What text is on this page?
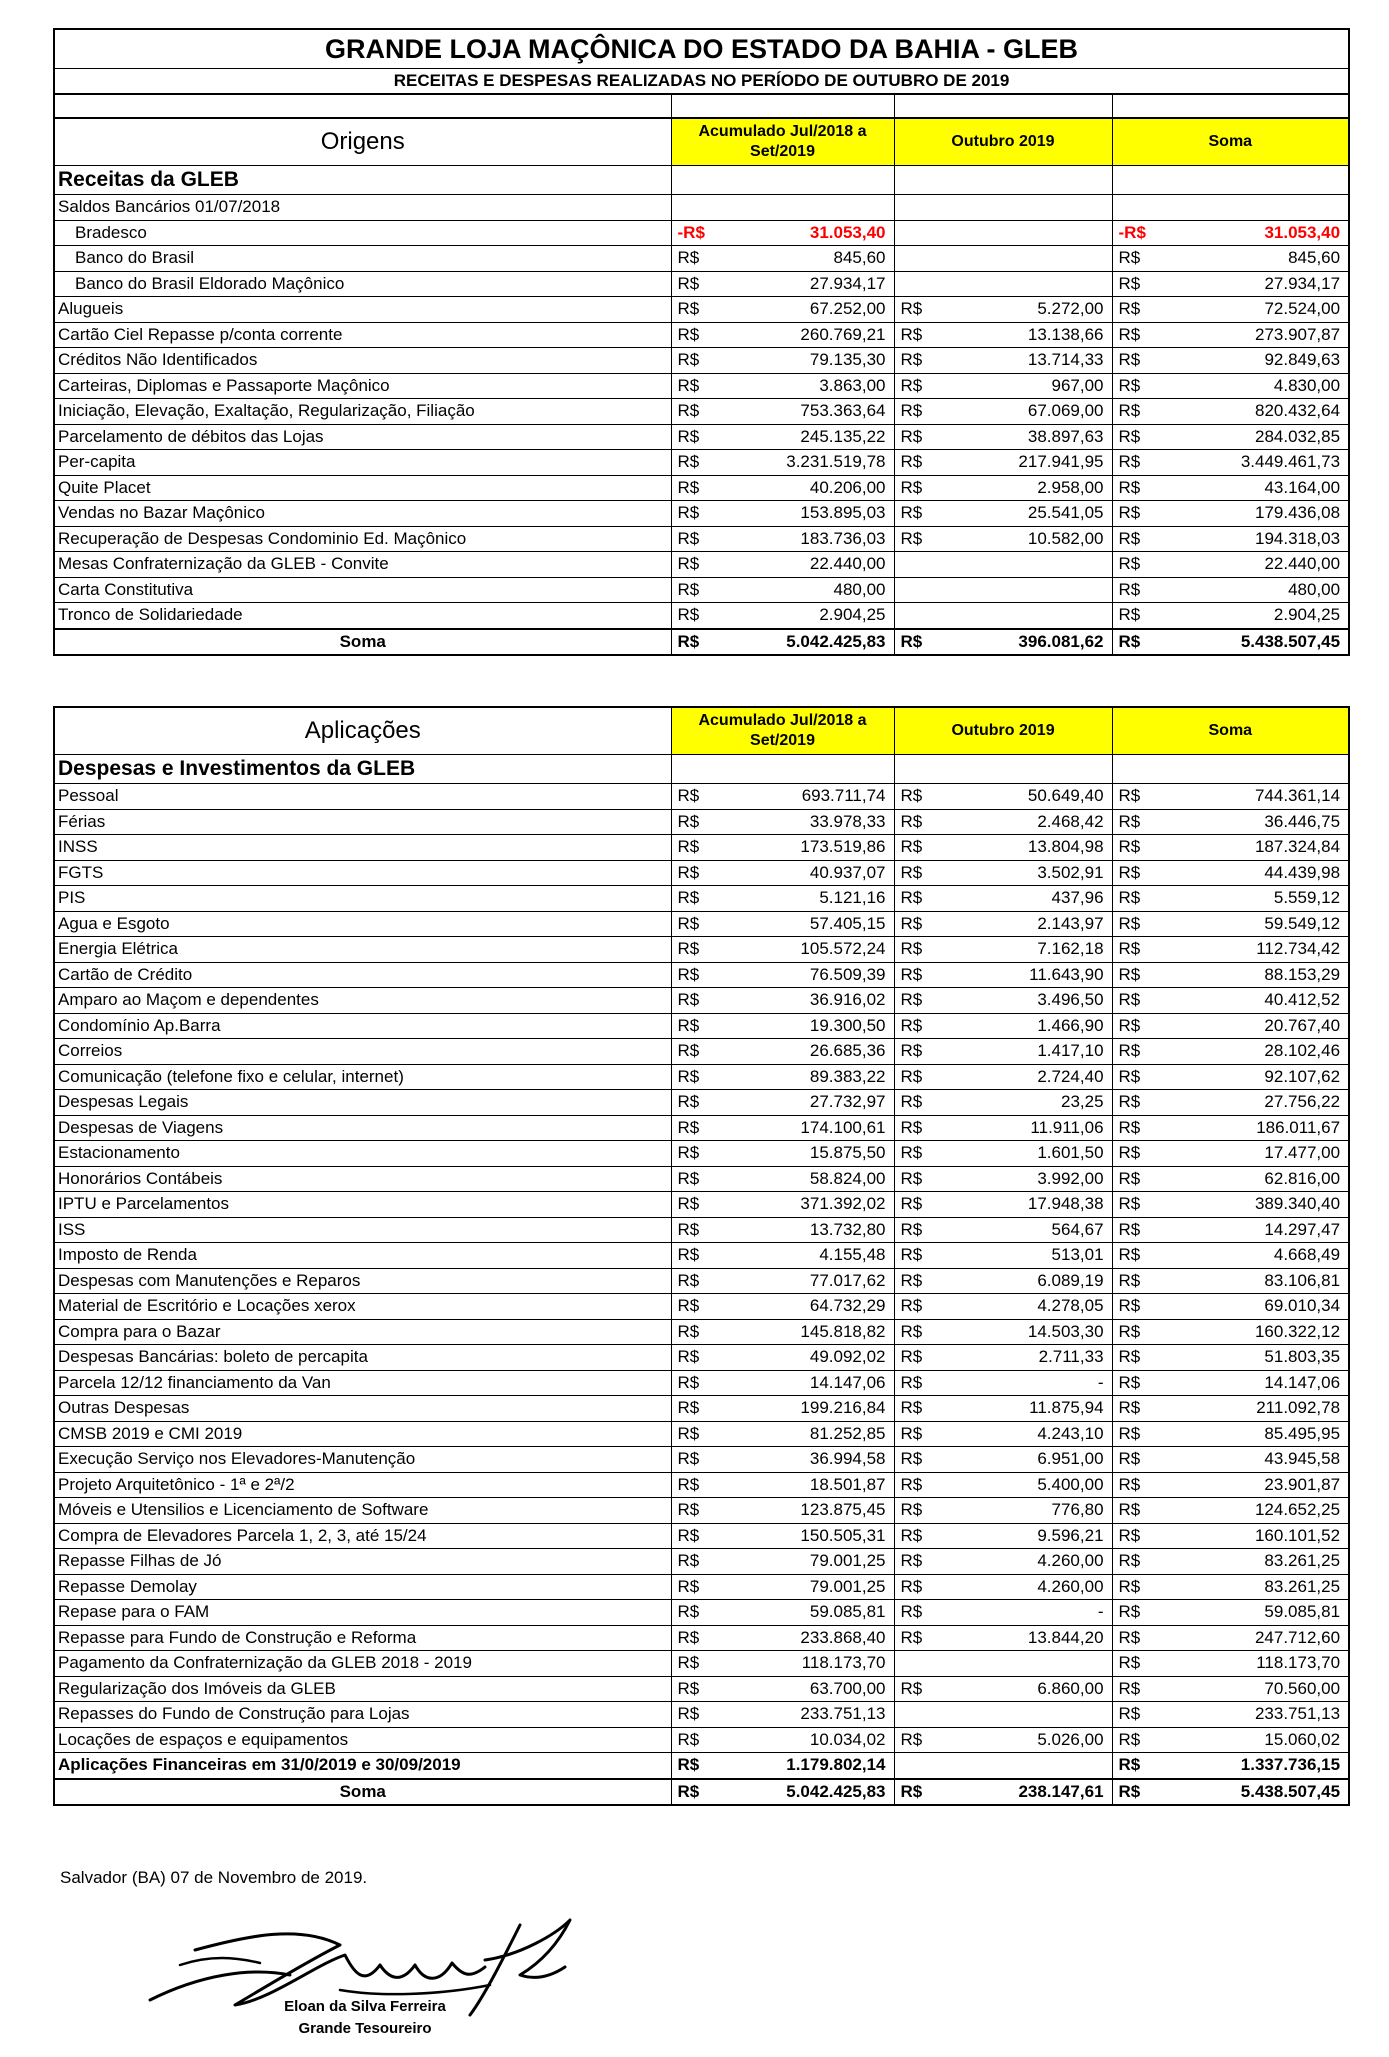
GRANDE LOJA MAÇÔNICA DO ESTADO DA BAHIA - GLEB						
RECEITAS E DESPESAS REALIZADAS NO PERÍODO DE OUTUBRO DE 2019						

Origens	Acumulado Jul/2018 a Set/2019		Outubro 2019		Soma	
Receitas da GLEB						
Saldos Bancários 01/07/2018						
Bradesco	-R$	31.053,40			-R$	31.053,40
Banco do Brasil	R$	845,60			R$	845,60
Banco do Brasil Eldorado Maçônico	R$	27.934,17			R$	27.934,17
Alugueis	R$	67.252,00	R$	5.272,00	R$	72.524,00
Cartão Ciel Repasse p/conta corrente	R$	260.769,21	R$	13.138,66	R$	273.907,87
Créditos Não Identificados	R$	79.135,30	R$	13.714,33	R$	92.849,63
Carteiras, Diplomas e Passaporte Maçônico	R$	3.863,00	R$	967,00	R$	4.830,00
Iniciação, Elevação, Exaltação, Regularização, Filiação	R$	753.363,64	R$	67.069,00	R$	820.432,64
Parcelamento de débitos das Lojas	R$	245.135,22	R$	38.897,63	R$	284.032,85
Per-capita	R$	3.231.519,78	R$	217.941,95	R$	3.449.461,73
Quite Placet	R$	40.206,00	R$	2.958,00	R$	43.164,00
Vendas no Bazar Maçônico	R$	153.895,03	R$	25.541,05	R$	179.436,08
Recuperação de Despesas Condominio Ed. Maçônico	R$	183.736,03	R$	10.582,00	R$	194.318,03
Mesas Confraternização da GLEB - Convite	R$	22.440,00			R$	22.440,00
Carta Constitutiva	R$	480,00			R$	480,00
Tronco de Solidariedade	R$	2.904,25			R$	2.904,25
Soma	R$	5.042.425,83	R$	396.081,62	R$	5.438.507,45
Aplicações	Acumulado Jul/2018 a Set/2019		Outubro 2019		Soma	
Despesas e Investimentos da GLEB						
Pessoal	R$	693.711,74	R$	50.649,40	R$	744.361,14
Férias	R$	33.978,33	R$	2.468,42	R$	36.446,75
INSS	R$	173.519,86	R$	13.804,98	R$	187.324,84
FGTS	R$	40.937,07	R$	3.502,91	R$	44.439,98
PIS	R$	5.121,16	R$	437,96	R$	5.559,12
Agua e Esgoto	R$	57.405,15	R$	2.143,97	R$	59.549,12
Energia Elétrica	R$	105.572,24	R$	7.162,18	R$	112.734,42
Cartão de Crédito	R$	76.509,39	R$	11.643,90	R$	88.153,29
Amparo ao Maçom e dependentes	R$	36.916,02	R$	3.496,50	R$	40.412,52
Condomínio Ap.Barra	R$	19.300,50	R$	1.466,90	R$	20.767,40
Correios	R$	26.685,36	R$	1.417,10	R$	28.102,46
Comunicação (telefone fixo e celular, internet)	R$	89.383,22	R$	2.724,40	R$	92.107,62
Despesas Legais	R$	27.732,97	R$	23,25	R$	27.756,22
Despesas de Viagens	R$	174.100,61	R$	11.911,06	R$	186.011,67
Estacionamento	R$	15.875,50	R$	1.601,50	R$	17.477,00
Honorários Contábeis	R$	58.824,00	R$	3.992,00	R$	62.816,00
IPTU e Parcelamentos	R$	371.392,02	R$	17.948,38	R$	389.340,40
ISS	R$	13.732,80	R$	564,67	R$	14.297,47
Imposto de Renda	R$	4.155,48	R$	513,01	R$	4.668,49
Despesas com Manutenções e Reparos	R$	77.017,62	R$	6.089,19	R$	83.106,81
Material de Escritório e Locações xerox	R$	64.732,29	R$	4.278,05	R$	69.010,34
Compra para o Bazar	R$	145.818,82	R$	14.503,30	R$	160.322,12
Despesas Bancárias: boleto de percapita	R$	49.092,02	R$	2.711,33	R$	51.803,35
Parcela 12/12 financiamento da Van	R$	14.147,06	R$	-	R$	14.147,06
Outras Despesas	R$	199.216,84	R$	11.875,94	R$	211.092,78
CMSB 2019 e CMI 2019	R$	81.252,85	R$	4.243,10	R$	85.495,95
Execução Serviço nos Elevadores-Manutenção	R$	36.994,58	R$	6.951,00	R$	43.945,58
Projeto Arquitetônico - 1ª e 2ª/2	R$	18.501,87	R$	5.400,00	R$	23.901,87
Móveis e Utensilios e Licenciamento de Software	R$	123.875,45	R$	776,80	R$	124.652,25
Compra de Elevadores Parcela 1, 2, 3, até 15/24	R$	150.505,31	R$	9.596,21	R$	160.101,52
Repasse Filhas de Jó	R$	79.001,25	R$	4.260,00	R$	83.261,25
Repasse Demolay	R$	79.001,25	R$	4.260,00	R$	83.261,25
Repase para o FAM	R$	59.085,81	R$	-	R$	59.085,81
Repasse para Fundo de Construção e Reforma	R$	233.868,40	R$	13.844,20	R$	247.712,60
Pagamento da Confraternização da GLEB 2018 - 2019	R$	118.173,70			R$	118.173,70
Regularização dos Imóveis da GLEB	R$	63.700,00	R$	6.860,00	R$	70.560,00
Repasses do Fundo de Construção para Lojas	R$	233.751,13			R$	233.751,13
Locações de espaços e equipamentos	R$	10.034,02	R$	5.026,00	R$	15.060,02
Aplicações Financeiras em 31/0/2019 e 30/09/2019	R$	1.179.802,14			R$	1.337.736,15
Soma	R$	5.042.425,83	R$	238.147,61	R$	5.438.507,45
Salvador (BA) 07 de Novembro de 2019.
Eloan da Silva Ferreira
Grande Tesoureiro
